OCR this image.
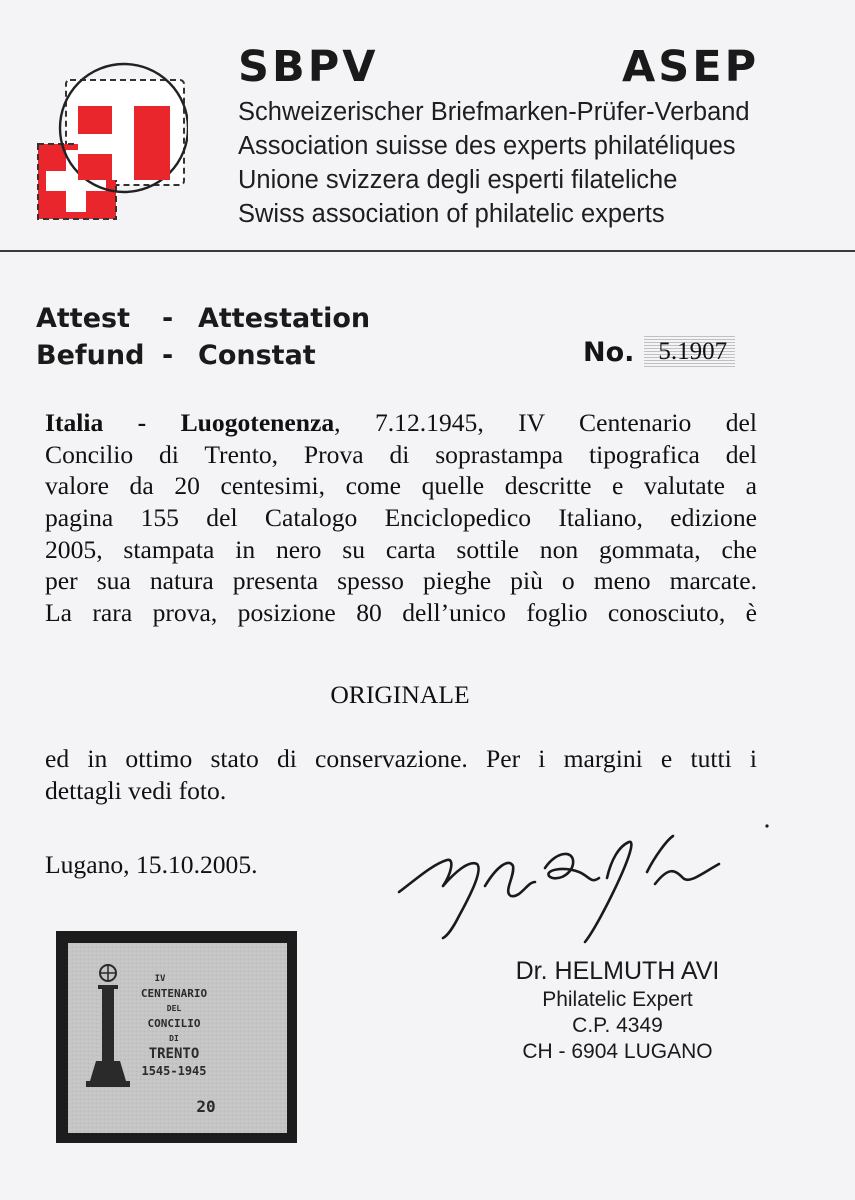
SBPV	ASEP
Schweizerischer Briefmarken-Prüfer-Verband
Association suisse des experts philatéliques
Unione svizzera degli esperti filateliche
Swiss association of philatelic experts
Attest - Attestation
Befund - Constat	No. 5.1907
Italia - Luogotenenza, 7.12.1945, IV Centenario del
Concilio di Trento, Prova di soprastampa tipografica del
valore da 20 centesimi, come quelle descritte e valutate a
pagina 155 del Catalogo Enciclopedico Italiano, edizione
2005, stampata in nero su carta sottile non gommata, che
per sua natura presenta spesso pieghe più o meno marcate.
La rara prova, posizione 80 dell’unico foglio conosciuto, è
ORIGINALE
ed in ottimo stato di conservazione. Per i margini e tutti i
dettagli vedi foto.
Lugano, 15.10.2005.
Dr. HELMUTH AVI
Philatelic Expert
C.P. 4349
CH - 6904 LUGANO
IV
CENTENARIO
DEL
CONCILIO
DI
TRENTO
1545-1945
20
